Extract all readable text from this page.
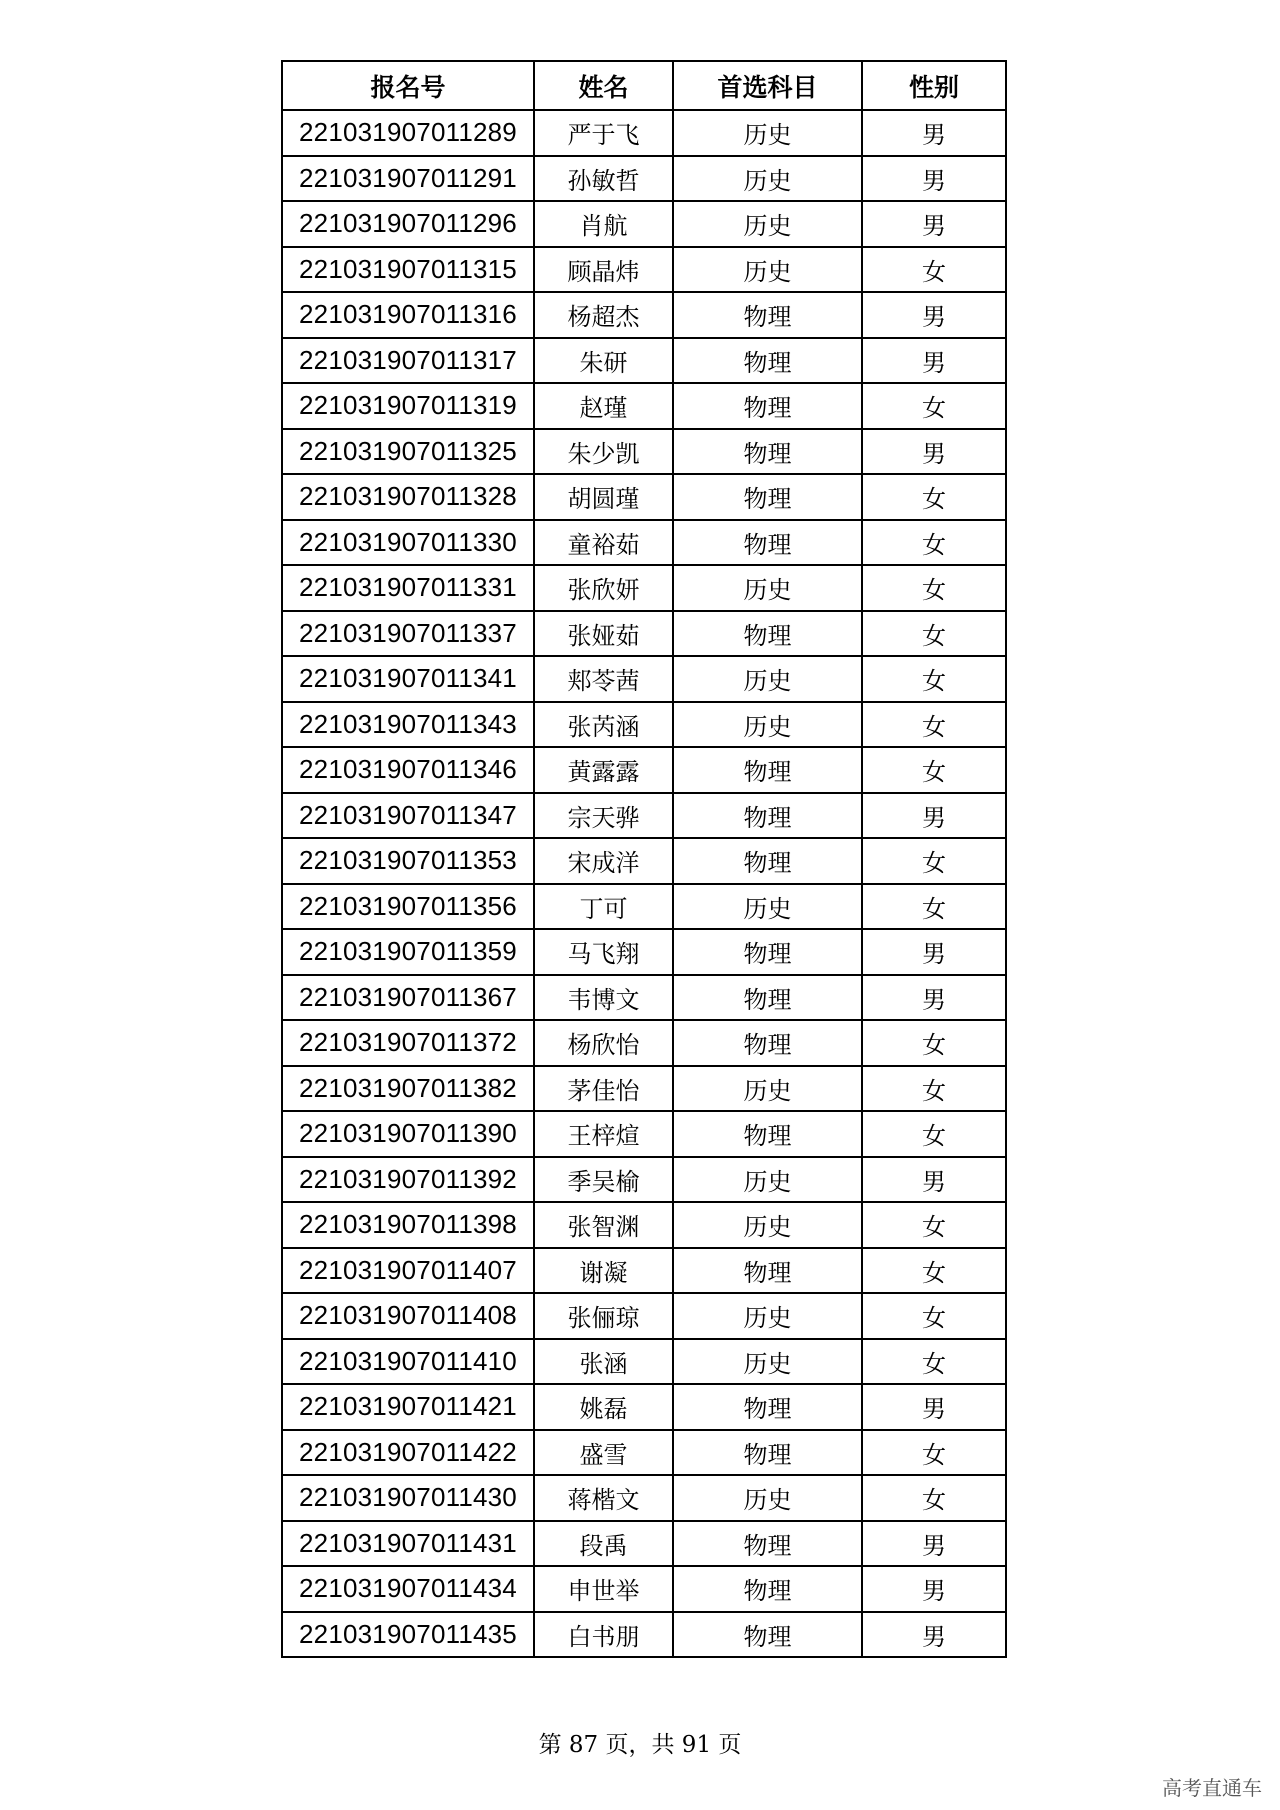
报名号	姓名	首选科目	性别
221031907011289	严于飞	历史	男
221031907011291	孙敏哲	历史	男
221031907011296	肖航	历史	男
221031907011315	顾晶炜	历史	女
221031907011316	杨超杰	物理	男
221031907011317	朱研	物理	男
221031907011319	赵瑾	物理	女
221031907011325	朱少凯	物理	男
221031907011328	胡圆瑾	物理	女
221031907011330	童裕茹	物理	女
221031907011331	张欣妍	历史	女
221031907011337	张娅茹	物理	女
221031907011341	郏苓茜	历史	女
221031907011343	张芮涵	历史	女
221031907011346	黄露露	物理	女
221031907011347	宗天骅	物理	男
221031907011353	宋成洋	物理	女
221031907011356	丁可	历史	女
221031907011359	马飞翔	物理	男
221031907011367	韦博文	物理	男
221031907011372	杨欣怡	物理	女
221031907011382	茅佳怡	历史	女
221031907011390	王梓煊	物理	女
221031907011392	季吴榆	历史	男
221031907011398	张智渊	历史	女
221031907011407	谢凝	物理	女
221031907011408	张俪琼	历史	女
221031907011410	张涵	历史	女
221031907011421	姚磊	物理	男
221031907011422	盛雪	物理	女
221031907011430	蒋楷文	历史	女
221031907011431	段禹	物理	男
221031907011434	申世举	物理	男
221031907011435	白书朋	物理	男
第 87 页，共 91 页
高考直通车
